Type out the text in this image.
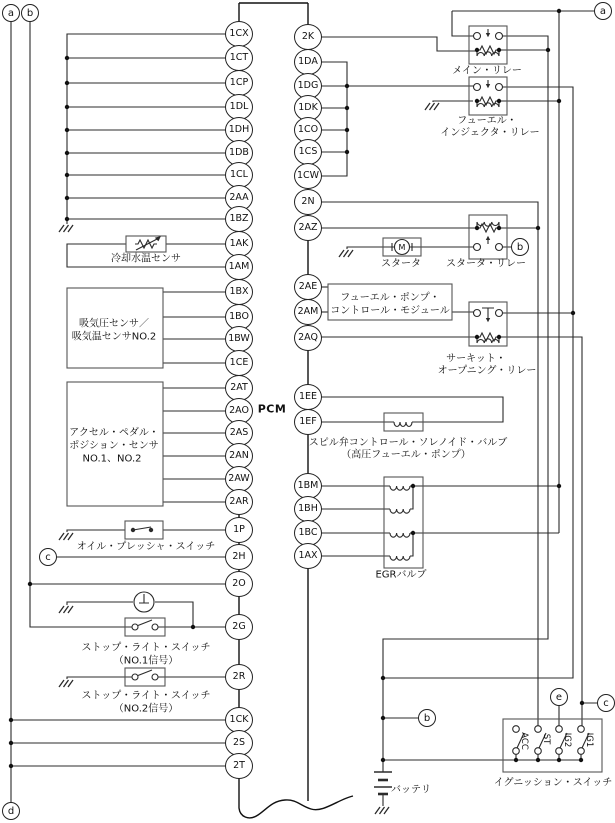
M
PCM
メイン・リレー
フューエル・
インジェクタ・リレー
スタータ	スタータ・リレー
フューエル・ポンプ・
コントロール・モジュール
サーキット・
オープニング・リレー
スピル弁コントロール・ソレノイド・バルブ
（高圧フューエル・ポンプ）
EGRバルブ
冷却水温センサ
吸気圧センサ／
吸気温センサNO.2
アクセル・ペダル・
ポジション・センサ
NO.1、NO.2
オイル・プレッシャ・スイッチ
ストップ・ライト・スイッチ
（NO.1信号）
ストップ・ライト・スイッチ
（NO.2信号）
イグニッション・スイッチ
バッテリ
1CX
1CT
1CP
1DL
1DH
1DB
1CL
2AA
1BZ
1AK
1AM
1BX
1BO
1BW
1CE
2AT
2AO
2AS
2AN
2AW
2AR
1P
2H
2O
2G
2R
1CK
2S
2T
2K
1DA
1DG
1DK
1CO
1CS
1CW
2N
2AZ
2AE
2AM
2AQ
1EE
1EF
1BM
1BH
1BC
1AX
a	b	a
b
c
b
e
c
d
ACC ST IG2 IG1
